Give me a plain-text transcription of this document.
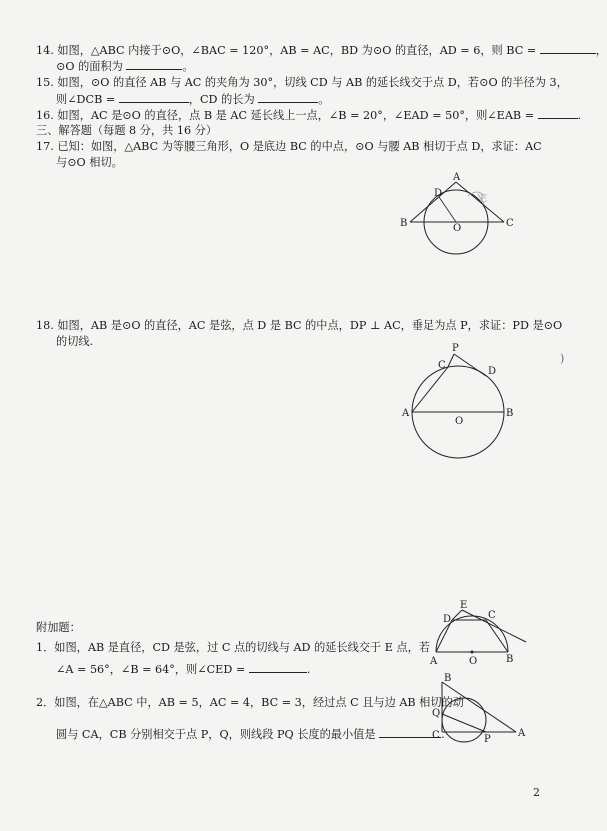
14. 如图，△ABC 内接于⊙O，∠BAC = 120°，AB = AC，BD 为⊙O 的直径，AD = 6，则 BC =	，
⊙O 的面积为	。
15. 如图，⊙O 的直径 AB 与 AC 的夹角为 30°，切线 CD 与 AB 的延长线交于点 D，若⊙O 的半径为 3，
则∠DCB =	，CD 的长为	。
16. 如图，AC 是⊙O 的直径，点 B 是 AC 延长线上一点，∠B = 20°，∠EAD = 50°，则∠EAB =	.
三、解答题（每题 8 分，共 16 分）
17. 已知：如图，△ABC 为等腰三角形，O 是底边 BC 的中点，⊙O 与腰 AB 相切于点 D，求证：AC
与⊙O 相切。
A
D
B	O	C
E
18. 如图，AB 是⊙O 的直径，AC 是弦，点 D 是 BC 的中点，DP ⊥ AC，垂足为点 P，求证：PD 是⊙O
的切线.
P
C
D
A
O
B
)
附加题：
1．如图，AB 是直径，CD 是弦，过 C 点的切线与 AD 的延长线交于 E 点，若
∠A = 56°，∠B = 64°，则∠CED =	.
E
D	C
A	O	B
2．如图，在△ABC 中，AB = 5，AC = 4，BC = 3，经过点 C 且与边 AB 相切的动
圆与 CA，CB 分别相交于点 P，Q，则线段 PQ 长度的最小值是	.
B
Q
C	P
A
2
